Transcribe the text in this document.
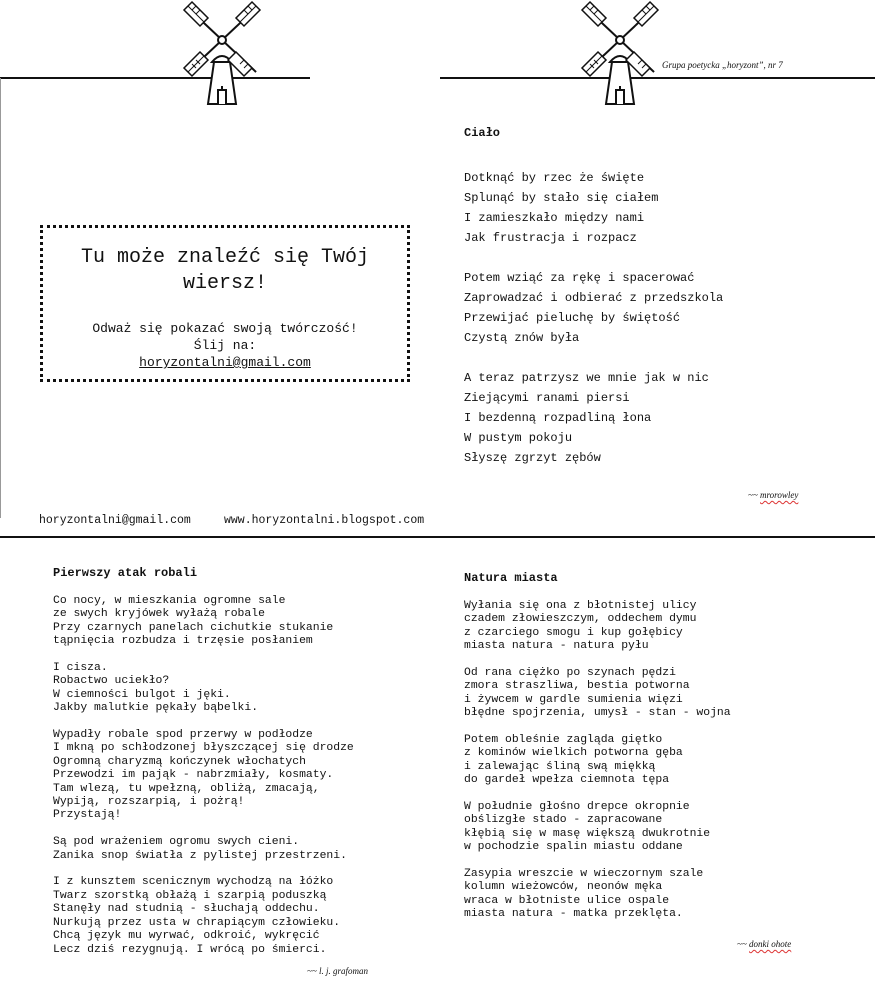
Grupa poetycka „horyzont”, nr 7
Tu może znaleźć się Twój wiersz!
Odważ się pokazać swoją twórczość!
Ślij na:
horyzontalni@gmail.com
Ciało
Dotknąć by rzec że święte
Splunąć by stało się ciałem
I zamieszkało między nami
Jak frustracja i rozpacz
Potem wziąć za rękę i spacerować
Zaprowadzać i odbierać z przedszkola
Przewijać pieluchę by świętość
Czystą znów była
A teraz patrzysz we mnie jak w nic
Ziejącymi ranami piersi
I bezdenną rozpadliną łona
W pustym pokoju
Słyszę zgrzyt zębów
~~ mrorowley
horyzontalni@gmail.com	www.horyzontalni.blogspot.com
Pierwszy atak robali
Co nocy, w mieszkania ogromne sale
ze swych kryjówek wyłażą robale
Przy czarnych panelach cichutkie stukanie
tąpnięcia rozbudza i trzęsie posłaniem
I cisza.
Robactwo uciekło?
W ciemności bulgot i jęki.
Jakby malutkie pękały bąbelki.
Wypadły robale spod przerwy w podłodze
I mkną po schłodzonej błyszczącej się drodze
Ogromną charyzmą kończynek włochatych
Przewodzi im pająk - nabrzmiały, kosmaty.
Tam wlezą, tu wpełzną, obliżą, zmacają,
Wypiją, rozszarpią, i pożrą!
Przystają!
Są pod wrażeniem ogromu swych cieni.
Zanika snop światła z pylistej przestrzeni.
I z kunsztem scenicznym wychodzą na łóżko
Twarz szorstką obłażą i szarpią poduszką
Stanęły nad studnią - słuchają oddechu.
Nurkują przez usta w chrapiącym człowieku.
Chcą język mu wyrwać, odkroić, wykręcić
Lecz dziś rezygnują. I wrócą po śmierci.
~~ l. j. grafoman
Natura miasta
Wyłania się ona z błotnistej ulicy
czadem złowieszczym, oddechem dymu
z czarciego smogu i kup gołębicy
miasta natura - natura pyłu
Od rana ciężko po szynach pędzi
zmora straszliwa, bestia potworna
i żywcem w gardle sumienia więzi
błędne spojrzenia, umysł - stan - wojna
Potem obleśnie zagląda giętko
z kominów wielkich potworna gęba
i zalewając śliną swą miękką
do gardeł wpełza ciemnota tępa
W południe głośno drepce okropnie
obślizgłe stado - zapracowane
kłębią się w masę większą dwukrotnie
w pochodzie spalin miastu oddane
Zasypia wreszcie w wieczornym szale
kolumn wieżowców, neonów męka
wraca w błotniste ulice ospale
miasta natura - matka przeklęta.
~~ donki ohote
